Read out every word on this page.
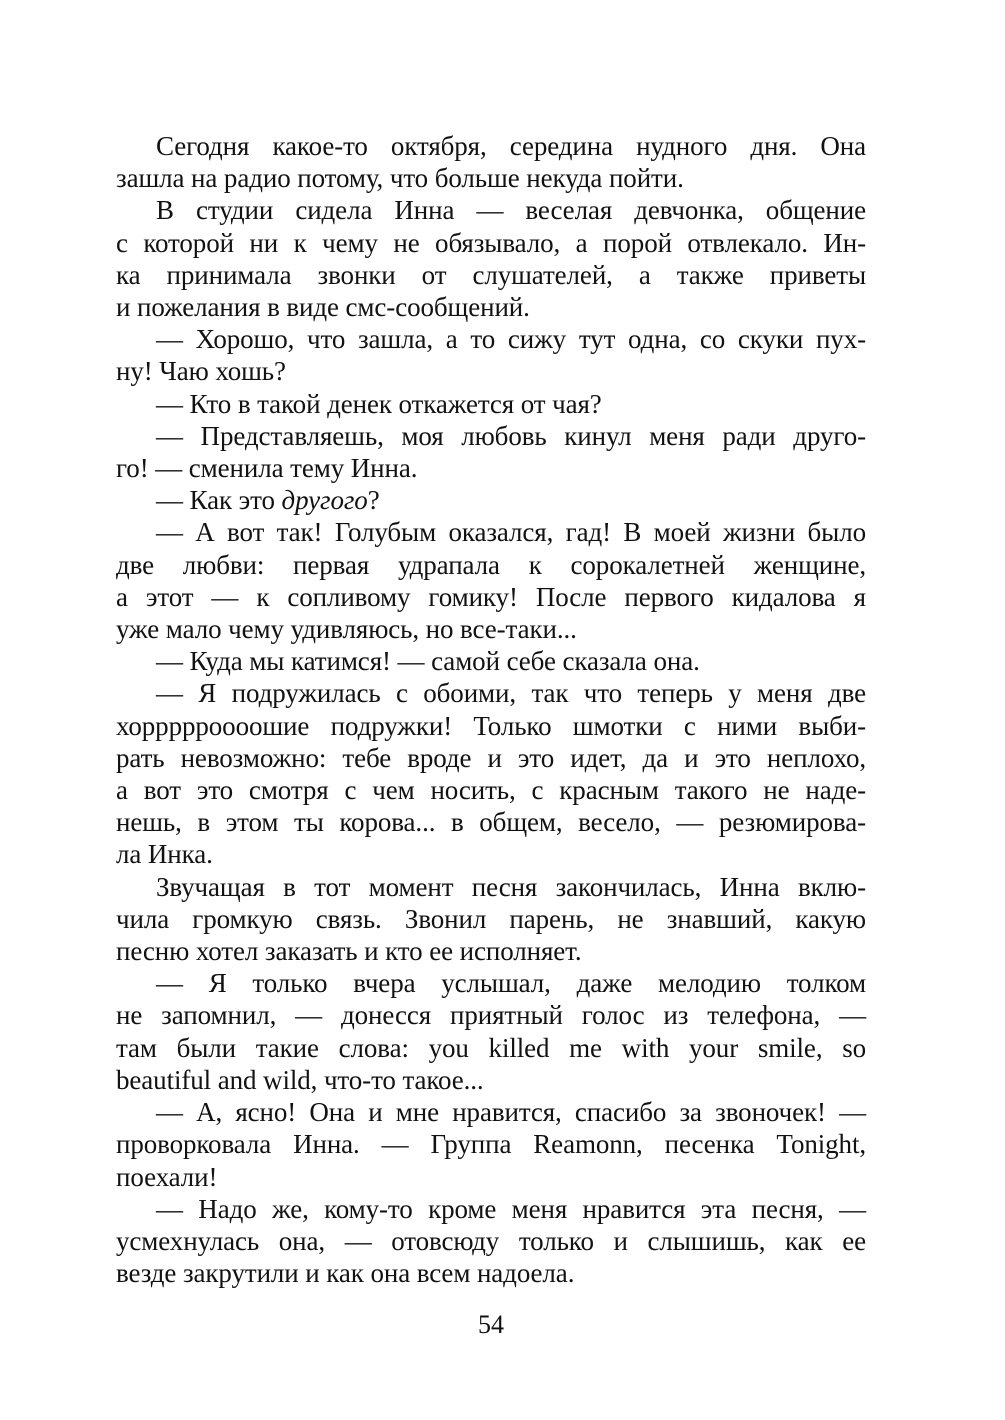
Сегодня какое-то октября, середина нудного дня. Она
зашла на радио потому, что больше некуда пойти.
В студии сидела Инна — веселая девчонка, общение
с которой ни к чему не обязывало, а порой отвлекало. Ин-
ка принимала звонки от слушателей, а также приветы
и пожелания в виде смс-сообщений.
— Хорошо, что зашла, а то сижу тут одна, со скуки пух-
ну! Чаю хошь?
— Кто в такой денек откажется от чая?
— Представляешь, моя любовь кинул меня ради друго-
го! — сменила тему Инна.
— Как это другого?
— А вот так! Голубым оказался, гад! В моей жизни было
две любви: первая удрапала к сорокалетней женщине,
а этот — к сопливому гомику! После первого кидалова я
уже мало чему удивляюсь, но все-таки...
— Куда мы катимся! — самой себе сказала она.
— Я подружилась с обоими, так что теперь у меня две
хоррррроооошие подружки! Только шмотки с ними выби-
рать невозможно: тебе вроде и это идет, да и это неплохо,
а вот это смотря с чем носить, с красным такого не наде-
нешь, в этом ты корова... в общем, весело, — резюмирова-
ла Инка.
Звучащая в тот момент песня закончилась, Инна вклю-
чила громкую связь. Звонил парень, не знавший, какую
песню хотел заказать и кто ее исполняет.
— Я только вчера услышал, даже мелодию толком
не запомнил, — донесся приятный голос из телефона, —
там были такие слова: you killed me with your smile, so
beautiful and wild, что-то такое...
— А, ясно! Она и мне нравится, спасибо за звоночек! —
проворковала Инна. — Группа Reamonn, песенка Tonight,
поехали!
— Надо же, кому-то кроме меня нравится эта песня, —
усмехнулась она, — отовсюду только и слышишь, как ее
везде закрутили и как она всем надоела.
54
